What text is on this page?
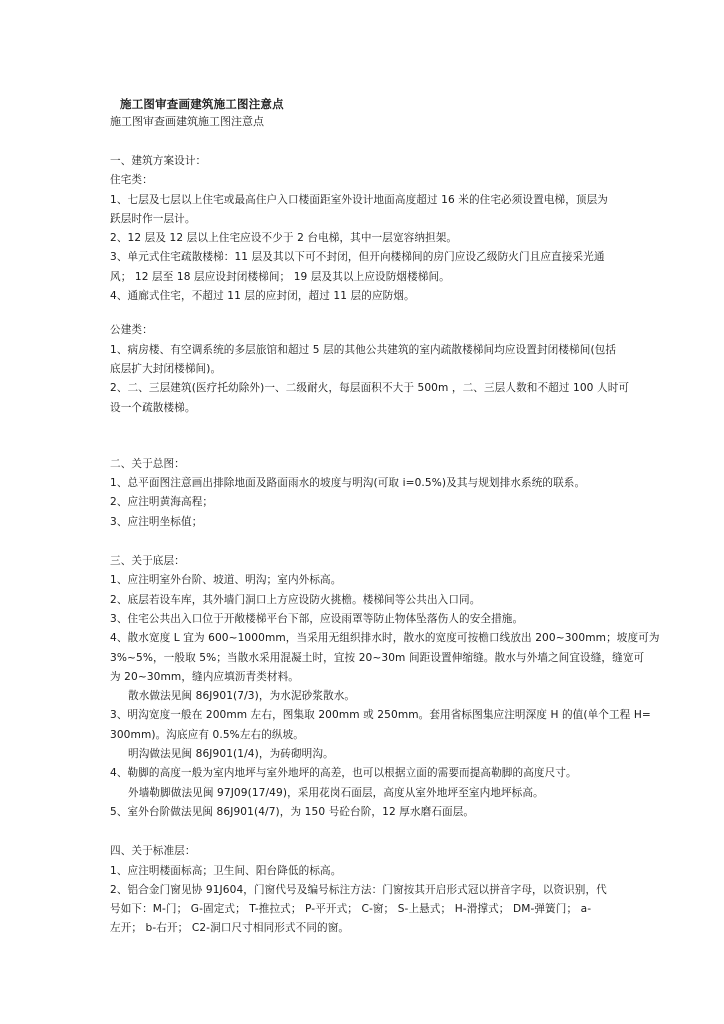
施工图审查画建筑施工图注意点

施工图审查画建筑施工图注意点

一、建筑方案设计：

住宅类：

1、七层及七层以上住宅或最高住户入口楼面距室外设计地面高度超过 16 米的住宅必须设置电梯，顶层为

跃层时作一层计。

2、12 层及 12 层以上住宅应设不少于 2 台电梯，其中一层宽容纳担架。

3、单元式住宅疏散楼梯：11 层及其以下可不封闭，但开向楼梯间的房门应设乙级防火门且应直接采光通

风； 12 层至 18 层应设封闭楼梯间； 19 层及其以上应设防烟楼梯间。

4、通廊式住宅，不超过 11 层的应封闭，超过 11 层的应防烟。

公建类：

1、病房楼、有空调系统的多层旅馆和超过 5 层的其他公共建筑的室内疏散楼梯间均应设置封闭楼梯间(包括

底层扩大封闭楼梯间)。

2、二、三层建筑(医疗托幼除外)一、二级耐火，每层面积不大于 500m ，二、三层人数和不超过 100 人时可

设一个疏散楼梯。

二、关于总图：

1、总平面图注意画出排除地面及路面雨水的坡度与明沟(可取 i=0.5%)及其与规划排水系统的联系。

2、应注明黄海高程；

3、应注明坐标值；

三、关于底层：

1、应注明室外台阶、坡道、明沟；室内外标高。

2、底层若设车库，其外墙门洞口上方应设防火挑檐。楼梯间等公共出入口同。

3、住宅公共出入口位于开敞楼梯平台下部，应设雨罩等防止物体坠落伤人的安全措施。

4、散水宽度 L 宜为 600~1000mm，当采用无组织排水时，散水的宽度可按檐口线放出 200~300mm；坡度可为

3%~5%，一般取 5%；当散水采用混凝土时，宜按 20~30m 间距设置伸缩缝。散水与外墙之间宜设缝，缝宽可

为 20~30mm，缝内应填沥青类材料。

散水做法见闽 86J901(7/3)，为水泥砂浆散水。

3、明沟宽度一般在 200mm 左右，图集取 200mm 或 250mm。套用省标图集应注明深度 H 的值(单个工程 H=

300mm)。沟底应有 0.5%左右的纵坡。

明沟做法见闽 86J901(1/4)，为砖砌明沟。

4、勒脚的高度一般为室内地坪与室外地坪的高差，也可以根据立面的需要而提高勒脚的高度尺寸。

外墙勒脚做法见闽 97J09(17/49)，采用花岗石面层，高度从室外地坪至室内地坪标高。

5、室外台阶做法见闽 86J901(4/7)，为 150 号砼台阶，12 厚水磨石面层。

四、关于标准层：

1、应注明楼面标高；卫生间、阳台降低的标高。

2、铝合金门窗见协 91J604，门窗代号及编号标注方法：门窗按其开启形式冠以拼音字母，以资识别，代

号如下：M-门； G-固定式； T-推拉式； P-平开式； C-窗； S-上悬式； H-滑撑式； DM-弹簧门； a-

左开； b-右开； C2-洞口尺寸相同形式不同的窗。
